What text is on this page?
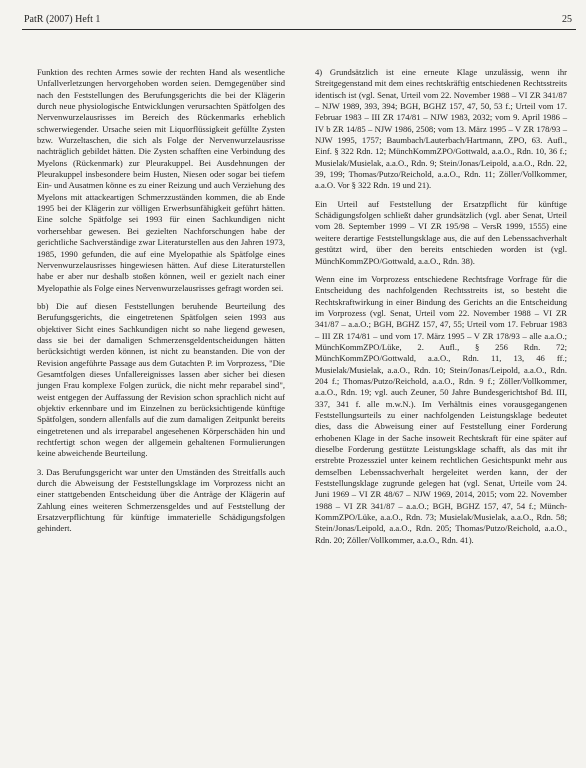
PatR (2007) Heft 1	25

Funktion des rechten Armes sowie der rechten Hand als wesentliche Unfallverletzungen hervorgehoben worden seien. Demgegenüber sind nach den Feststellungen des Berufungsgerichts die bei der Klägerin durch neue physiologische Entwicklungen verursachten Spätfolgen des Nervenwurzelausrisses im Bereich des Rückenmarks erheblich schwerwiegender. Ursache seien mit Liquorflüssigkeit gefüllte Zysten bzw. Wurzeltaschen, die sich als Folge der Nervenwurzelausrisse nachträglich gebildet hätten. Die Zysten schafften eine Verbindung des Myelons (Rückenmark) zur Pleurakuppel. Bei Ausdehnungen der Pleurakuppel insbesondere beim Husten, Niesen oder sogar bei tiefem Ein- und Ausatmen könne es zu einer Reizung und auch Verziehung des Myelons mit attackeartigen Schmerzzuständen kommen, die ab Ende 1995 bei der Klägerin zur völligen Erwerbsunfähigkeit geführt hätten. Eine solche Spätfolge sei 1993 für einen Sachkundigen nicht vorhersehbar gewesen. Bei gezielten Nachforschungen habe der gerichtliche Sachverständige zwar Literaturstellen aus den Jahren 1973, 1985, 1990 gefunden, die auf eine Myelopathie als Spätfolge eines Nervenwurzelausrisses hingewiesen hätten. Auf diese Literaturstellen habe er aber nur deshalb stoßen können, weil er gezielt nach einer Myelopathie als Folge eines Nervenwurzelausrisses gefragt worden sei.

bb) Die auf diesen Feststellungen beruhende Beurteilung des Berufungsgerichts, die eingetretenen Spätfolgen seien 1993 aus objektiver Sicht eines Sachkundigen nicht so nahe liegend gewesen, dass sie bei der damaligen Schmerzensgeldentscheidungen hätten berücksichtigt werden können, ist nicht zu beanstanden. Die von der Revision angeführte Passage aus dem Gutachten P. im Vorprozess, "Die Gesamtfolgen dieses Unfallereignisses lassen aber sicher bei diesen jungen Frau komplexe Folgen zurück, die nicht mehr reparabel sind", weist entgegen der Auffassung der Revision schon sprachlich nicht auf objektiv erkennbare und im Einzelnen zu berücksichtigende künftige Spätfolgen, sondern allenfalls auf die zum damaligen Zeitpunkt bereits eingetretenen und als irreparabel angesehenen Körperschäden hin und rechtfertigt schon wegen der allgemein gehaltenen Formulierungen keine abweichende Beurteilung.

3. Das Berufungsgericht war unter den Umständen des Streitfalls auch durch die Abweisung der Feststellungsklage im Vorprozess nicht an einer stattgebenden Entscheidung über die Anträge der Klägerin auf Zahlung eines weiteren Schmerzensgeldes und auf Feststellung der Ersatzverpflichtung für künftige immaterielle Schädigungsfolgen gehindert.

4) Grundsätzlich ist eine erneute Klage unzulässig, wenn ihr Streitgegenstand mit dem eines rechtskräftig entschiedenen Rechtsstreits identisch ist (vgl. Senat, Urteil vom 22. November 1988 – VI ZR 341/87 – NJW 1989, 393, 394; BGH, BGHZ 157, 47, 50, 53 f.; Urteil vom 17. Februar 1983 – III ZR 174/81 – NJW 1983, 2032; vom 9. April 1986 – IV b ZR 14/85 – NJW 1986, 2508; vom 13. März 1995 – V ZR 178/93 – NJW 1995, 1757; Baumbach/Lauterbach/Hartmann, ZPO, 63. Aufl., Einf. § 322 Rdn. 12; MünchKommZPO/Gottwald, a.a.O., Rdn. 10, 36 f.; Musielak/Musielak, a.a.O., Rdn. 9; Stein/Jonas/Leipold, a.a.O., Rdn. 22, 39, 199; Thomas/Putzo/Reichold, a.a.O., Rdn. 11; Zöller/Vollkommer, a.a.O. Vor § 322 Rdn. 19 und 21).

Ein Urteil auf Feststellung der Ersatzpflicht für künftige Schädigungsfolgen schließt daher grundsätzlich (vgl. aber Senat, Urteil vom 28. September 1999 – VI ZR 195/98 – VersR 1999, 1555) eine weitere derartige Feststellungsklage aus, die auf den Lebenssachverhalt gestützt wird, über den bereits entschieden worden ist (vgl. MünchKommZPO/Gottwald, a.a.O., Rdn. 38).

Wenn eine im Vorprozess entschiedene Rechtsfrage Vorfrage für die Entscheidung des nachfolgenden Rechtsstreits ist, so besteht die Rechtskraftwirkung in einer Bindung des Gerichts an die Entscheidung im Vorprozess (vgl. Senat, Urteil vom 22. November 1988 – VI ZR 341/87 – a.a.O.; BGH, BGHZ 157, 47, 55; Urteil vom 17. Februar 1983 – III ZR 174/81 – und vom 17. März 1995 – V ZR 178/93 – alle a.a.O.; MünchKommZPO/Lüke, 2. Aufl., § 256 Rdn. 72; MünchKommZPO/Gottwald, a.a.O., Rdn. 11, 13, 46 ff.; Musielak/Musielak, a.a.O., Rdn. 10; Stein/Jonas/Leipold, a.a.O., Rdn. 204 f.; Thomas/Putzo/Reichold, a.a.O., Rdn. 9 f.; Zöller/Vollkommer, a.a.O., Rdn. 19; vgl. auch Zeuner, 50 Jahre Bundesgerichtshof Bd. III, 337, 341 f. alle m.w.N.). Im Verhältnis eines vorausgegangenen Feststellungsurteils zu einer nachfolgenden Leistungsklage bedeutet dies, dass die Abweisung einer auf Feststellung einer Forderung erhobenen Klage in der Sache insoweit Rechtskraft für eine später auf dieselbe Forderung gestützte Leistungsklage schafft, als das mit ihr erstrebte Prozessziel unter keinem rechtlichen Gesichtspunkt mehr aus demselben Lebenssachverhalt hergeleitet werden kann, der der Feststellungsklage zugrunde gelegen hat (vgl. Senat, Urteile vom 24. Juni 1969 – VI ZR 48/67 – NJW 1969, 2014, 2015; vom 22. November 1988 – VI ZR 341/87 – a.a.O.; BGH, BGHZ 157, 47, 54 f.; Münch-KommZPO/Lüke, a.a.O., Rdn. 73; Musielak/Musielak, a.a.O., Rdn. 58; Stein/Jonas/Leipold, a.a.O., Rdn. 205; Thomas/Putzo/Reichold, a.a.O., Rdn. 20; Zöller/Vollkommer, a.a.O., Rdn. 41).
